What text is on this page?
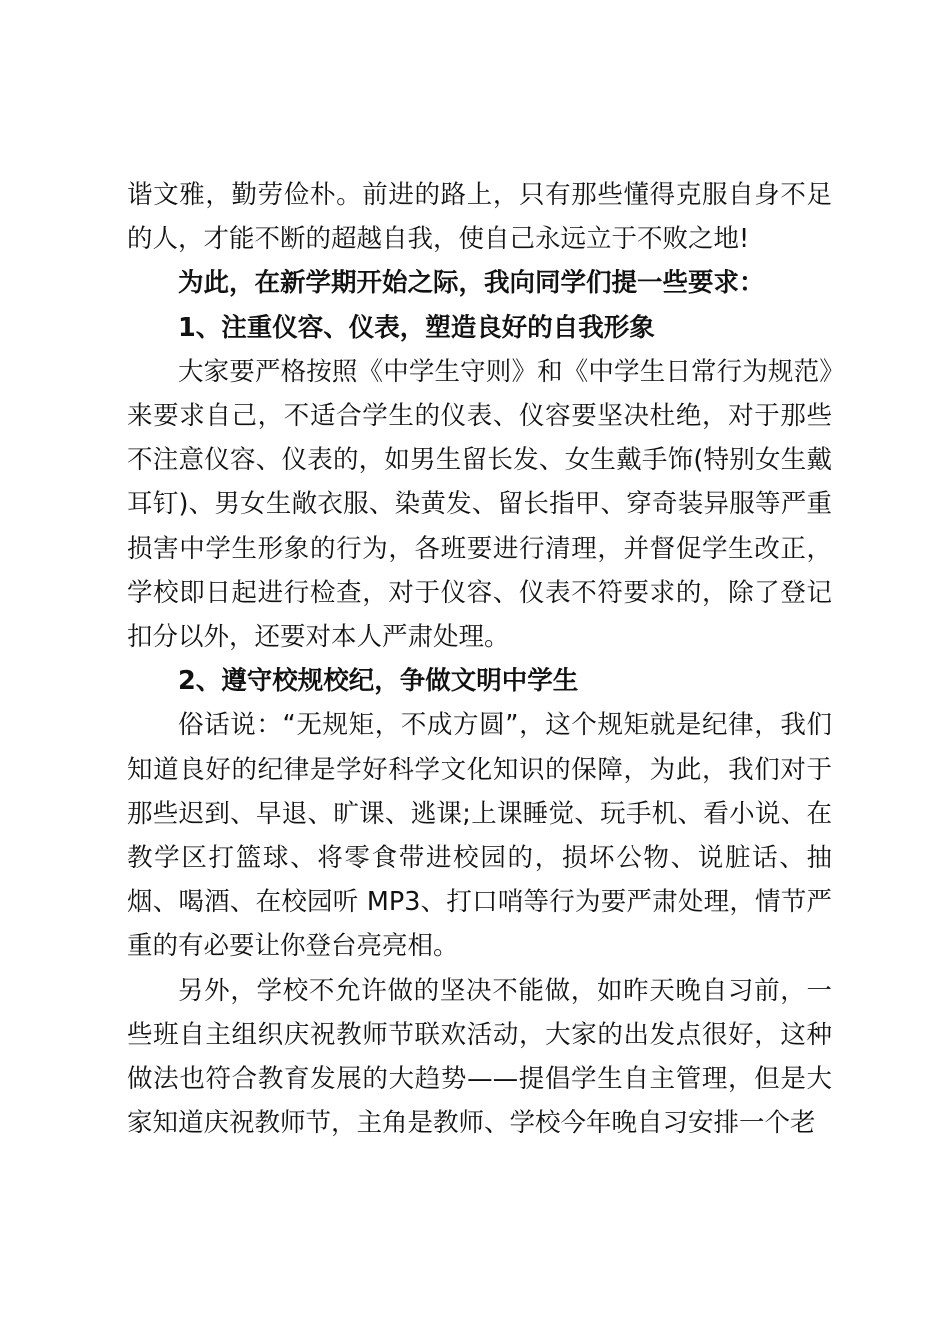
谐文雅，勤劳俭朴。前进的路上，只有那些懂得克服自身不足的人，才能不断的超越自我，使自己永远立于不败之地!

为此，在新学期开始之际，我向同学们提一些要求：

1、注重仪容、仪表，塑造良好的自我形象

大家要严格按照《中学生守则》和《中学生日常行为规范》来要求自己，不适合学生的仪表、仪容要坚决杜绝，对于那些不注意仪容、仪表的，如男生留长发、女生戴手饰(特别女生戴耳钉)、男女生敞衣服、染黄发、留长指甲、穿奇装异服等严重损害中学生形象的行为，各班要进行清理，并督促学生改正，学校即日起进行检查，对于仪容、仪表不符要求的，除了登记扣分以外，还要对本人严肃处理。

2、遵守校规校纪，争做文明中学生

俗话说：“无规矩，不成方圆”，这个规矩就是纪律，我们知道良好的纪律是学好科学文化知识的保障，为此，我们对于那些迟到、早退、旷课、逃课;上课睡觉、玩手机、看小说、在教学区打篮球、将零食带进校园的，损坏公物、说脏话、抽烟、喝酒、在校园听 MP3、打口哨等行为要严肃处理，情节严重的有必要让你登台亮亮相。

另外，学校不允许做的坚决不能做，如昨天晚自习前，一些班自主组织庆祝教师节联欢活动，大家的出发点很好，这种做法也符合教育发展的大趋势——提倡学生自主管理，但是大家知道庆祝教师节，主角是教师、学校今年晚自习安排一个老
